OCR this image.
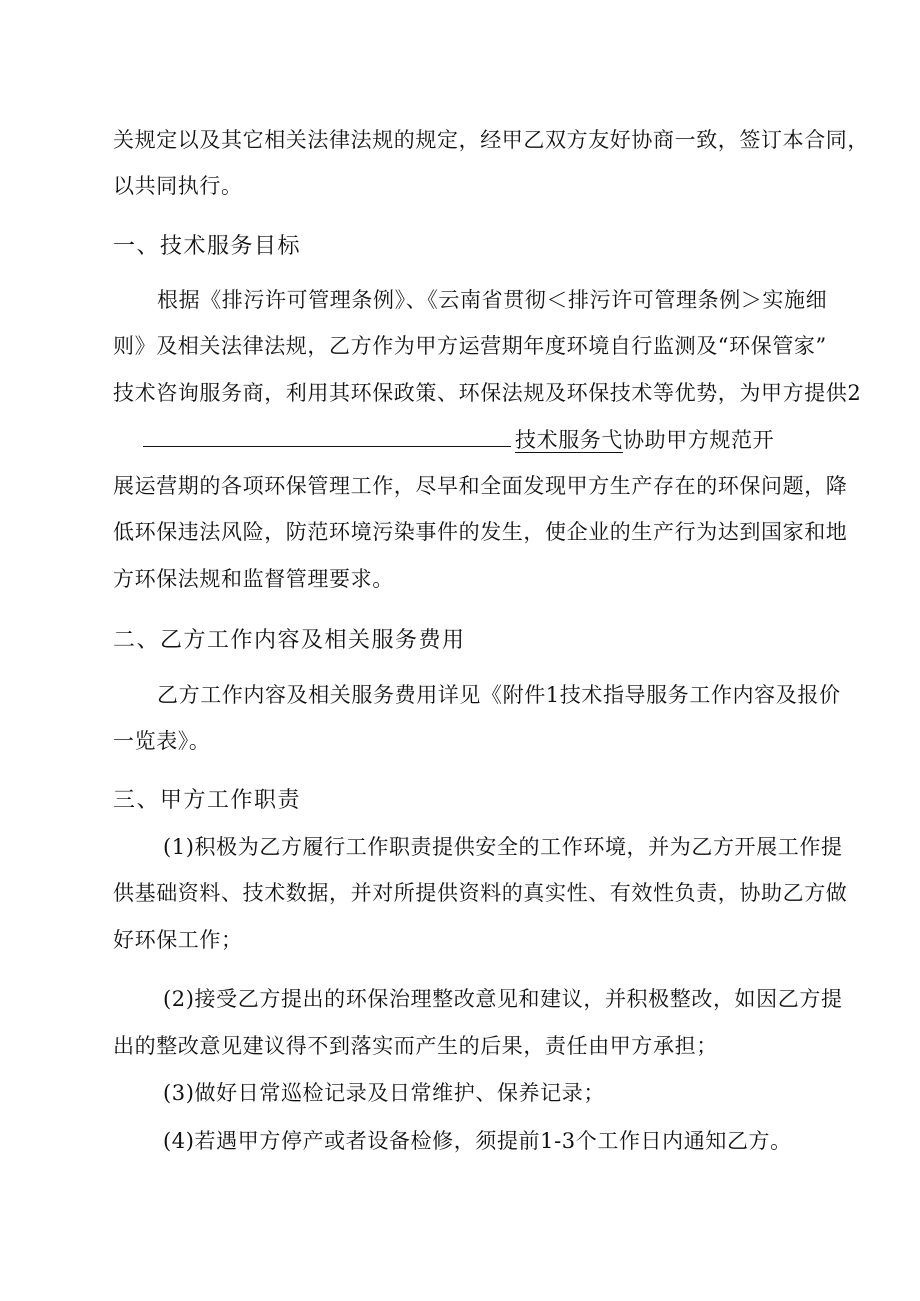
关规定以及其它相关法律法规的规定，经甲乙双方友好协商一致，签订本合同，
以共同执行。
一、技术服务目标
根据《排污许可管理条例》、《云南省贯彻＜排污许可管理条例＞实施细
则》及相关法律法规，乙方作为甲方运营期年度环境自行监测及“环保管家”
技术咨询服务商，利用其环保政策、环保法规及环保技术等优势，为甲方提供2
技术服务弋协助甲方规范开
展运营期的各项环保管理工作，尽早和全面发现甲方生产存在的环保问题，降
低环保违法风险，防范环境污染事件的发生，使企业的生产行为达到国家和地
方环保法规和监督管理要求。
二、乙方工作内容及相关服务费用
乙方工作内容及相关服务费用详见《附件1技术指导服务工作内容及报价
一览表》。
三、甲方工作职责
(1)积极为乙方履行工作职责提供安全的工作环境，并为乙方开展工作提
供基础资料、技术数据，并对所提供资料的真实性、有效性负责，协助乙方做
好环保工作；
(2)接受乙方提出的环保治理整改意见和建议，并积极整改，如因乙方提
出的整改意见建议得不到落实而产生的后果，责任由甲方承担；
(3)做好日常巡检记录及日常维护、保养记录；
(4)若遇甲方停产或者设备检修，须提前1-3个工作日内通知乙方。
